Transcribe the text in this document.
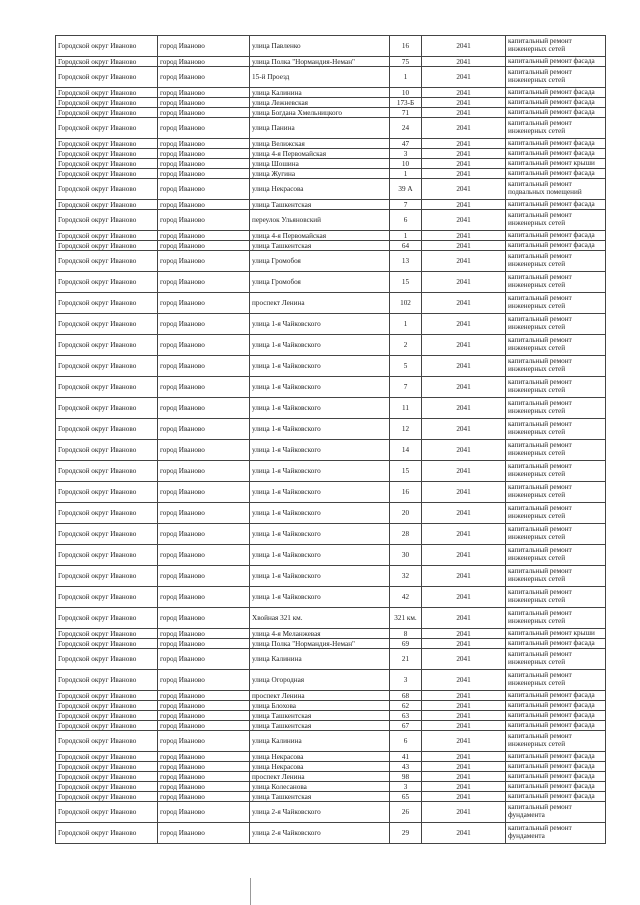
Городской округ Иваново	город Иваново	улица Павленко	16	2041	капитальный ремонт инженерных сетей
Городской округ Иваново	город Иваново	улица Полка "Нормандия-Неман"	75	2041	капитальный ремонт фасада
Городской округ Иваново	город Иваново	15-й Проезд	1	2041	капитальный ремонт инженерных сетей
Городской округ Иваново	город Иваново	улица Калинина	10	2041	капитальный ремонт фасада
Городской округ Иваново	город Иваново	улица Лежневская	173-Б	2041	капитальный ремонт фасада
Городской округ Иваново	город Иваново	улица Богдана Хмельницкого	71	2041	капитальный ремонт фасада
Городской округ Иваново	город Иваново	улица Панина	24	2041	капитальный ремонт инженерных сетей
Городской округ Иваново	город Иваново	улица Велижская	47	2041	капитальный ремонт фасада
Городской округ Иваново	город Иваново	улица 4-я Первомайская	3	2041	капитальный ремонт фасада
Городской округ Иваново	город Иваново	улица Шошина	10	2041	капитальный ремонт крыши
Городской округ Иваново	город Иваново	улица Жугина	1	2041	капитальный ремонт фасада
Городской округ Иваново	город Иваново	улица Некрасова	39 А	2041	капитальный ремонт подвальных помещений
Городской округ Иваново	город Иваново	улица Ташкентская	7	2041	капитальный ремонт фасада
Городской округ Иваново	город Иваново	переулок Ульяновский	6	2041	капитальный ремонт инженерных сетей
Городской округ Иваново	город Иваново	улица 4-я Первомайская	1	2041	капитальный ремонт фасада
Городской округ Иваново	город Иваново	улица Ташкентская	64	2041	капитальный ремонт фасада
Городской округ Иваново	город Иваново	улица Громобоя	13	2041	капитальный ремонт инженерных сетей
Городской округ Иваново	город Иваново	улица Громобоя	15	2041	капитальный ремонт инженерных сетей
Городской округ Иваново	город Иваново	проспект Ленина	102	2041	капитальный ремонт инженерных сетей
Городской округ Иваново	город Иваново	улица 1-я Чайковского	1	2041	капитальный ремонт инженерных сетей
Городской округ Иваново	город Иваново	улица 1-я Чайковского	2	2041	капитальный ремонт инженерных сетей
Городской округ Иваново	город Иваново	улица 1-я Чайковского	5	2041	капитальный ремонт инженерных сетей
Городской округ Иваново	город Иваново	улица 1-я Чайковского	7	2041	капитальный ремонт инженерных сетей
Городской округ Иваново	город Иваново	улица 1-я Чайковского	11	2041	капитальный ремонт инженерных сетей
Городской округ Иваново	город Иваново	улица 1-я Чайковского	12	2041	капитальный ремонт инженерных сетей
Городской округ Иваново	город Иваново	улица 1-я Чайковского	14	2041	капитальный ремонт инженерных сетей
Городской округ Иваново	город Иваново	улица 1-я Чайковского	15	2041	капитальный ремонт инженерных сетей
Городской округ Иваново	город Иваново	улица 1-я Чайковского	16	2041	капитальный ремонт инженерных сетей
Городской округ Иваново	город Иваново	улица 1-я Чайковского	20	2041	капитальный ремонт инженерных сетей
Городской округ Иваново	город Иваново	улица 1-я Чайковского	28	2041	капитальный ремонт инженерных сетей
Городской округ Иваново	город Иваново	улица 1-я Чайковского	30	2041	капитальный ремонт инженерных сетей
Городской округ Иваново	город Иваново	улица 1-я Чайковского	32	2041	капитальный ремонт инженерных сетей
Городской округ Иваново	город Иваново	улица 1-я Чайковского	42	2041	капитальный ремонт инженерных сетей
Городской округ Иваново	город Иваново	Хвойная 321 км.	321 км.	2041	капитальный ремонт инженерных сетей
Городской округ Иваново	город Иваново	улица 4-я Меланжевая	8	2041	капитальный ремонт крыши
Городской округ Иваново	город Иваново	улица Полка "Нормандия-Неман"	69	2041	капитальный ремонт фасада
Городской округ Иваново	город Иваново	улица Калинина	21	2041	капитальный ремонт инженерных сетей
Городской округ Иваново	город Иваново	улица Огородная	3	2041	капитальный ремонт инженерных сетей
Городской округ Иваново	город Иваново	проспект Ленина	68	2041	капитальный ремонт фасада
Городской округ Иваново	город Иваново	улица Блохова	62	2041	капитальный ремонт фасада
Городской округ Иваново	город Иваново	улица Ташкентская	63	2041	капитальный ремонт фасада
Городской округ Иваново	город Иваново	улица Ташкентская	67	2041	капитальный ремонт фасада
Городской округ Иваново	город Иваново	улица Калинина	6	2041	капитальный ремонт инженерных сетей
Городской округ Иваново	город Иваново	улица Некрасова	41	2041	капитальный ремонт фасада
Городской округ Иваново	город Иваново	улица Некрасова	43	2041	капитальный ремонт фасада
Городской округ Иваново	город Иваново	проспект Ленина	98	2041	капитальный ремонт фасада
Городской округ Иваново	город Иваново	улица Колесанова	3	2041	капитальный ремонт фасада
Городской округ Иваново	город Иваново	улица Ташкентская	65	2041	капитальный ремонт фасада
Городской округ Иваново	город Иваново	улица 2-я Чайковского	26	2041	капитальный ремонт фундамента
Городской округ Иваново	город Иваново	улица 2-я Чайковского	29	2041	капитальный ремонт фундамента
